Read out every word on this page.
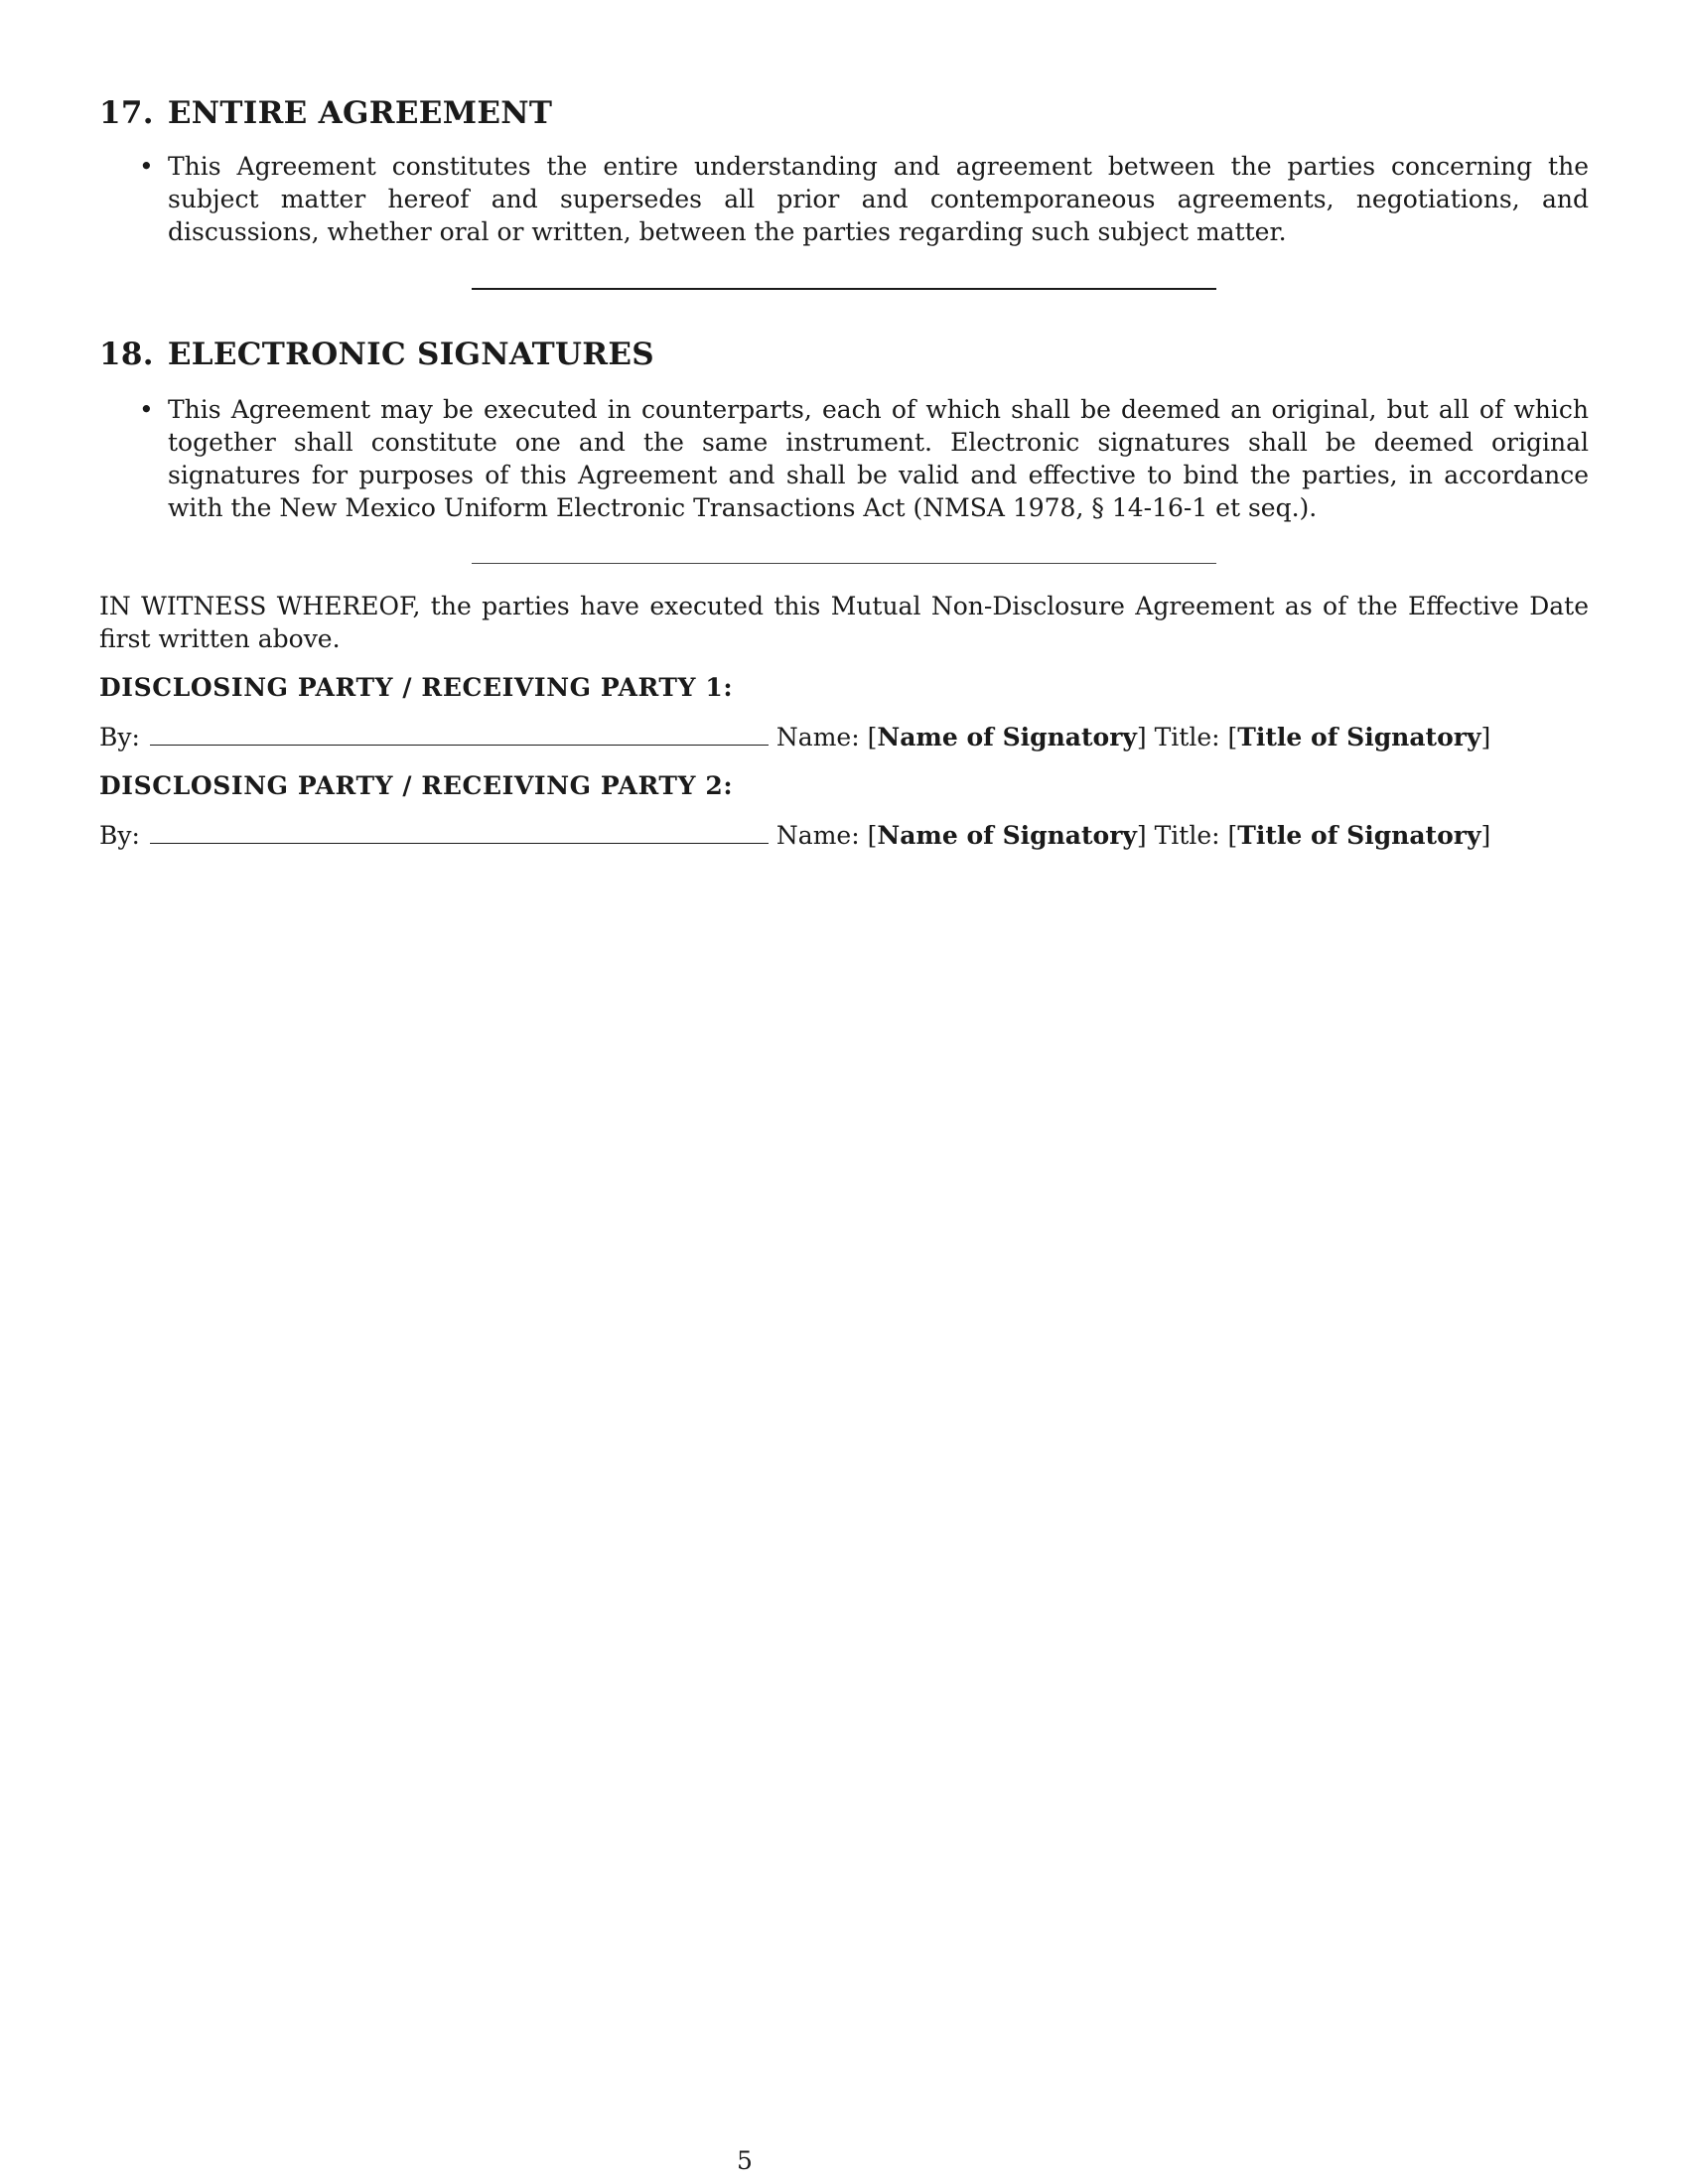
17. ENTIRE AGREEMENT
• This Agreement constitutes the entire understanding and agreement between the parties concerning the subject matter hereof and supersedes all prior and contemporaneous agreements, negotiations, and discussions, whether oral or written, between the parties regarding such subject matter.
18. ELECTRONIC SIGNATURES
• This Agreement may be executed in counterparts, each of which shall be deemed an original, but all of which together shall constitute one and the same instrument. Electronic signatures shall be deemed original signatures for purposes of this Agreement and shall be valid and effective to bind the parties, in accordance with the New Mexico Uniform Electronic Transactions Act (NMSA 1978, § 14-16-1 et seq.).
IN WITNESS WHEREOF, the parties have executed this Mutual Non-Disclosure Agreement as of the Effective Date first written above.
DISCLOSING PARTY / RECEIVING PARTY 1:
By:	Name: [Name of Signatory] Title: [Title of Signatory]
DISCLOSING PARTY / RECEIVING PARTY 2:
By:	Name: [Name of Signatory] Title: [Title of Signatory]
5
